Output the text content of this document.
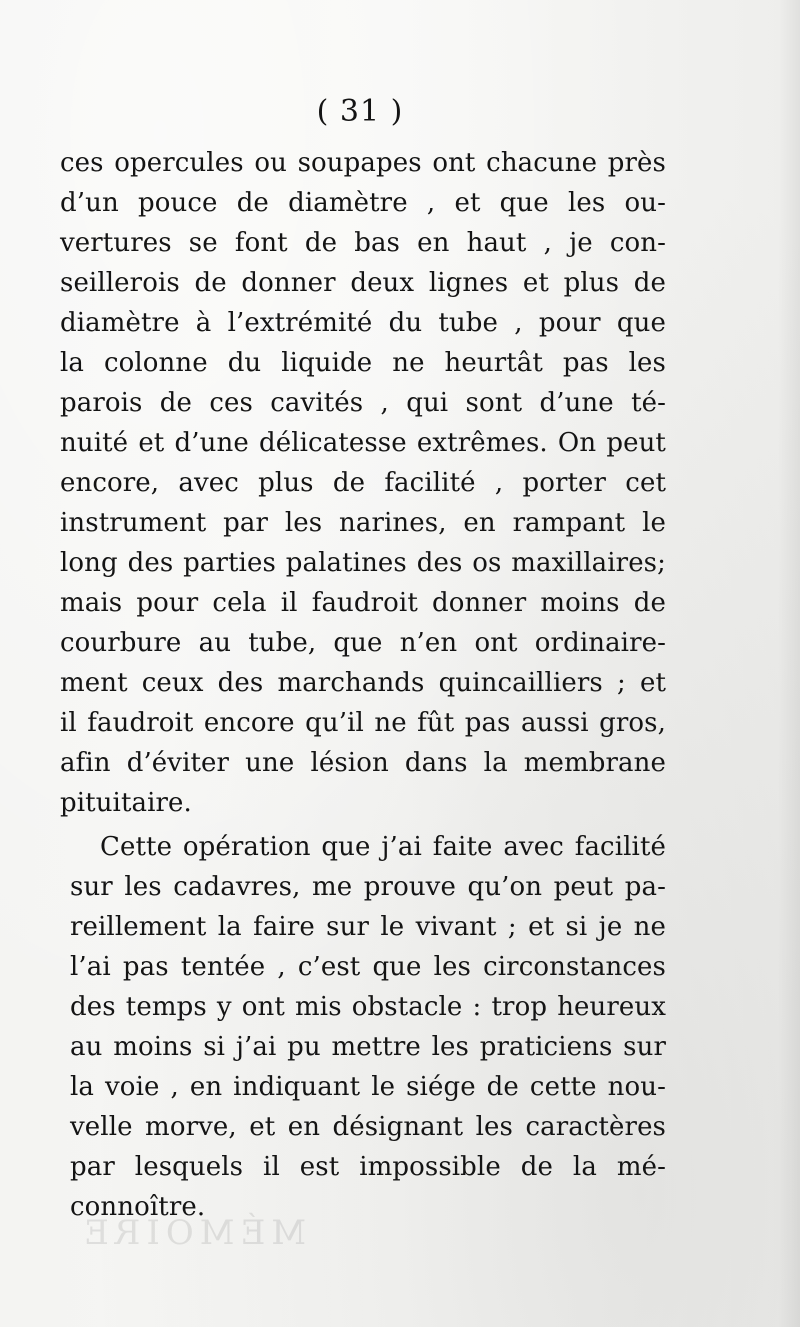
( 31 )
ces opercules ou soupapes ont chacune près
d’un pouce de diamètre , et que les ou-
vertures se font de bas en haut , je con-
seillerois de donner deux lignes et plus de
diamètre à l’extrémité du tube , pour que
la colonne du liquide ne heurtât pas les
parois de ces cavités , qui sont d’une té-
nuité et d’une délicatesse extrêmes. On peut
encore, avec plus de facilité , porter cet
instrument par les narines, en rampant le
long des parties palatines des os maxillaires;
mais pour cela il faudroit donner moins de
courbure au tube, que n’en ont ordinaire-
ment ceux des marchands quincailliers ; et
il faudroit encore qu’il ne fût pas aussi gros,
afin d’éviter une lésion dans la membrane
pituitaire.
Cette opération que j’ai faite avec facilité
sur les cadavres, me prouve qu’on peut pa-
reillement la faire sur le vivant ; et si je ne
l’ai pas tentée , c’est que les circonstances
des temps y ont mis obstacle : trop heureux
au moins si j’ai pu mettre les praticiens sur
la voie , en indiquant le siége de cette nou-
velle morve, et en désignant les caractères
par lesquels il est impossible de la mé-
connoître.
MÉMOIRE
